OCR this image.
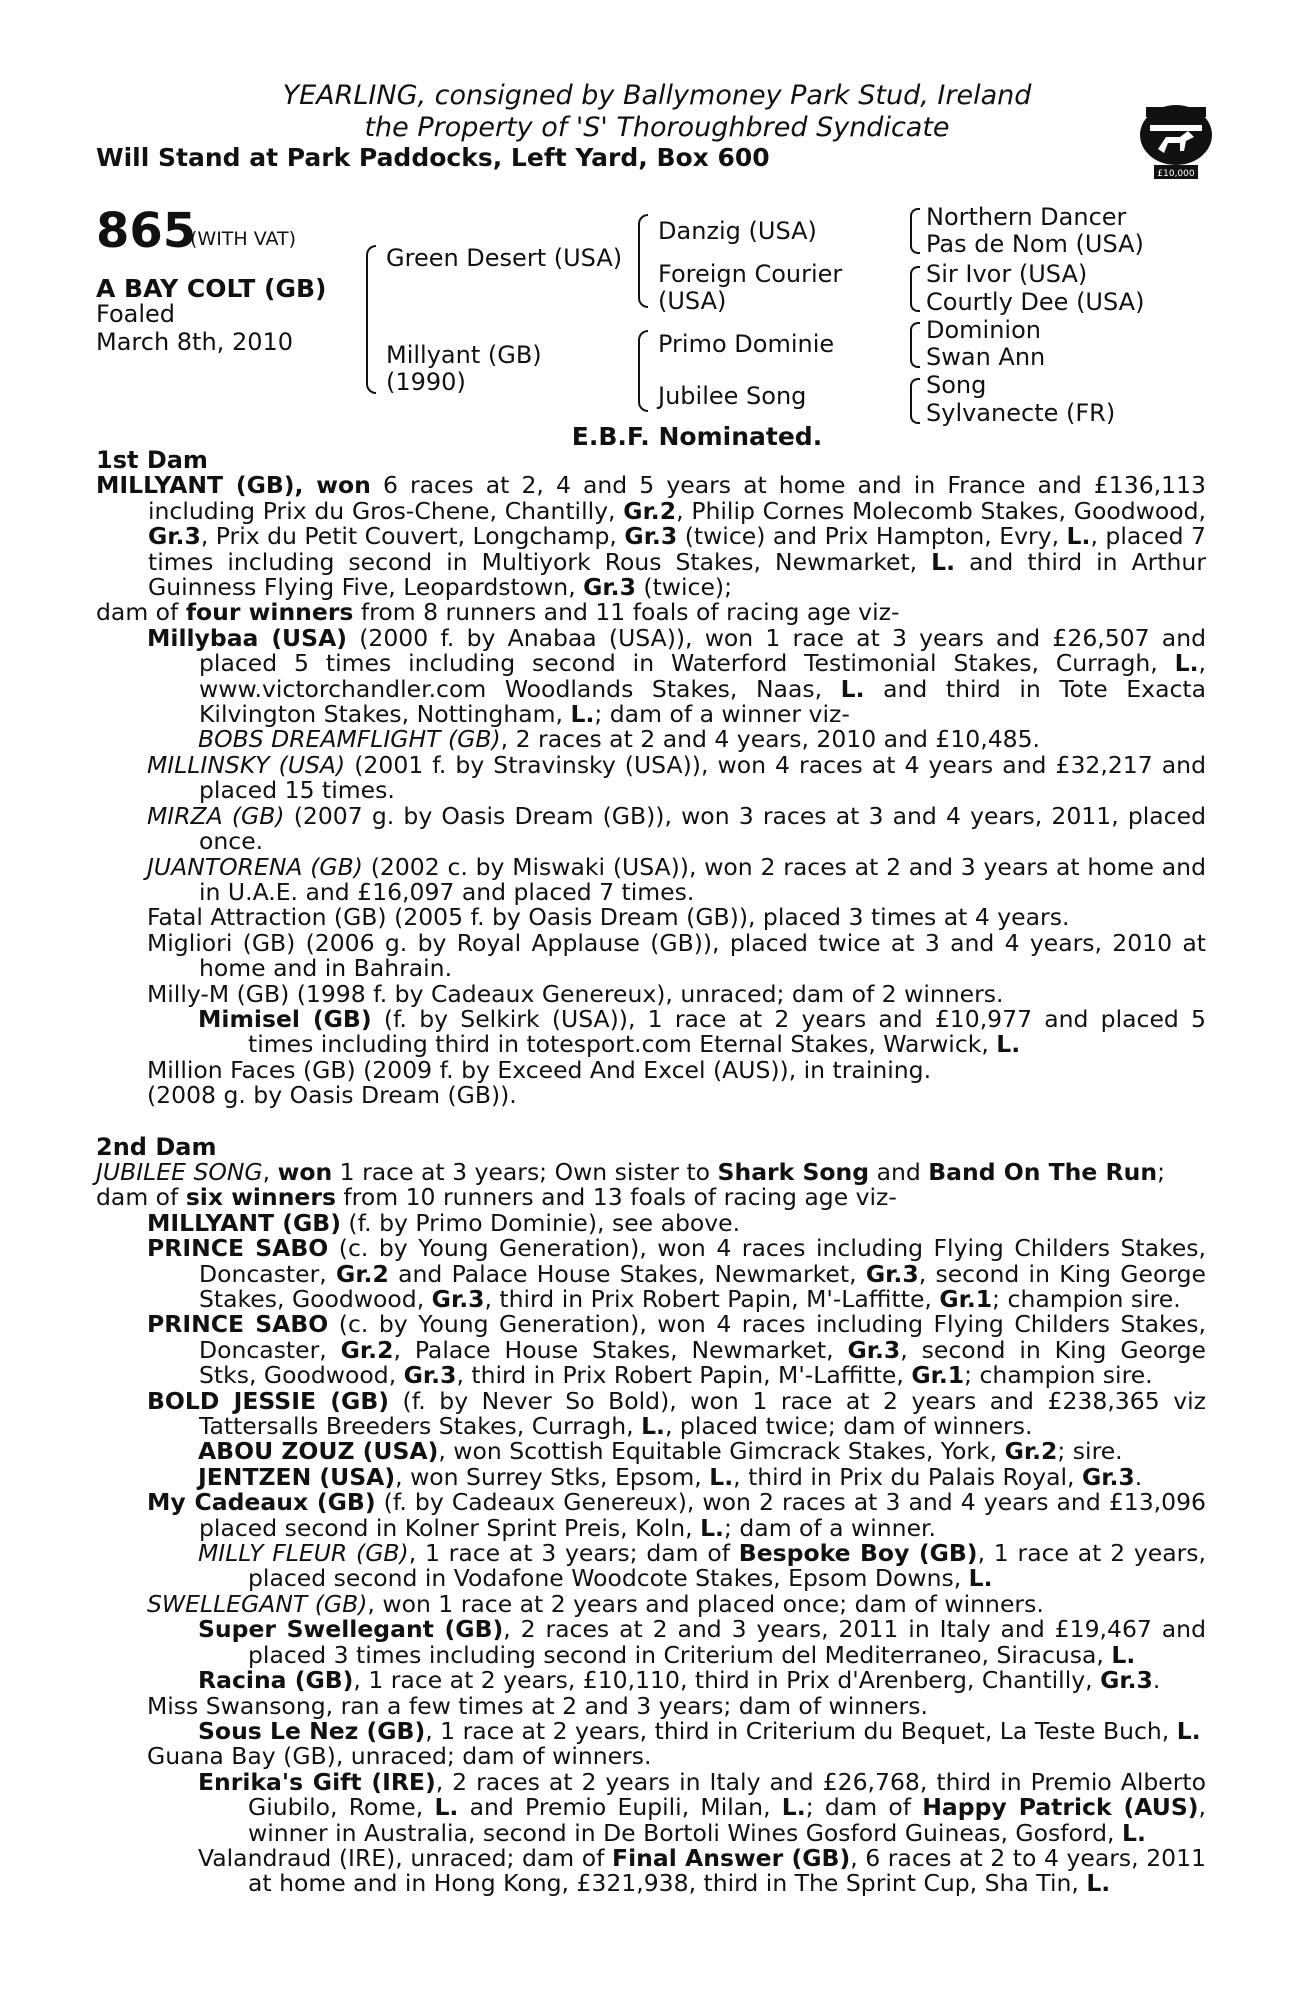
YEARLING, consigned by Ballymoney Park Stud, Ireland
the Property of 'S' Thoroughbred Syndicate
Will Stand at Park Paddocks, Left Yard, Box 600
£10,000
865
(WITH VAT)
A BAY COLT (GB)
Foaled
March 8th, 2010
Green Desert (USA)
Millyant (GB)
(1990)
Danzig (USA)
Foreign Courier
(USA)
Primo Dominie
Jubilee Song
Northern Dancer
Pas de Nom (USA)
Sir Ivor (USA)
Courtly Dee (USA)
Dominion
Swan Ann
Song
Sylvanecte (FR)
E.B.F. Nominated.
1st Dam

MILLYANT (GB), won 6 races at 2, 4 and 5 years at home and in France and £136,113 including Prix du Gros-Chene, Chantilly, Gr.2, Philip Cornes Molecomb Stakes, Goodwood, Gr.3, Prix du Petit Couvert, Longchamp, Gr.3 (twice) and Prix Hampton, Evry, L., placed 7 times including second in Multiyork Rous Stakes, Newmarket, L. and third in Arthur Guinness Flying Five, Leopardstown, Gr.3 (twice);

dam of four winners from 8 runners and 11 foals of racing age viz-

Millybaa (USA) (2000 f. by Anabaa (USA)), won 1 race at 3 years and £26,507 and placed 5 times including second in Waterford Testimonial Stakes, Curragh, L., www.victorchandler.com Woodlands Stakes, Naas, L. and third in Tote Exacta Kilvington Stakes, Nottingham, L.; dam of a winner viz-

BOBS DREAMFLIGHT (GB), 2 races at 2 and 4 years, 2010 and £10,485.

MILLINSKY (USA) (2001 f. by Stravinsky (USA)), won 4 races at 4 years and £32,217 and placed 15 times.

MIRZA (GB) (2007 g. by Oasis Dream (GB)), won 3 races at 3 and 4 years, 2011, placed once.

JUANTORENA (GB) (2002 c. by Miswaki (USA)), won 2 races at 2 and 3 years at home and in U.A.E. and £16,097 and placed 7 times.

Fatal Attraction (GB) (2005 f. by Oasis Dream (GB)), placed 3 times at 4 years.

Migliori (GB) (2006 g. by Royal Applause (GB)), placed twice at 3 and 4 years, 2010 at home and in Bahrain.

Milly-M (GB) (1998 f. by Cadeaux Genereux), unraced; dam of 2 winners.

Mimisel (GB) (f. by Selkirk (USA)), 1 race at 2 years and £10,977 and placed 5 times including third in totesport.com Eternal Stakes, Warwick, L.

Million Faces (GB) (2009 f. by Exceed And Excel (AUS)), in training.

(2008 g. by Oasis Dream (GB)).

2nd Dam

JUBILEE SONG, won 1 race at 3 years; Own sister to Shark Song and Band On The Run;

dam of six winners from 10 runners and 13 foals of racing age viz-

MILLYANT (GB) (f. by Primo Dominie), see above.

PRINCE SABO (c. by Young Generation), won 4 races including Flying Childers Stakes, Doncaster, Gr.2 and Palace House Stakes, Newmarket, Gr.3, second in King George Stakes, Goodwood, Gr.3, third in Prix Robert Papin, M'-Laffitte, Gr.1; champion sire.

PRINCE SABO (c. by Young Generation), won 4 races including Flying Childers Stakes, Doncaster, Gr.2, Palace House Stakes, Newmarket, Gr.3, second in King George Stks, Goodwood, Gr.3, third in Prix Robert Papin, M'-Laffitte, Gr.1; champion sire.

BOLD JESSIE (GB) (f. by Never So Bold), won 1 race at 2 years and £238,365 viz Tattersalls Breeders Stakes, Curragh, L., placed twice; dam of winners.

ABOU ZOUZ (USA), won Scottish Equitable Gimcrack Stakes, York, Gr.2; sire.

JENTZEN (USA), won Surrey Stks, Epsom, L., third in Prix du Palais Royal, Gr.3.

My Cadeaux (GB) (f. by Cadeaux Genereux), won 2 races at 3 and 4 years and £13,096 placed second in Kolner Sprint Preis, Koln, L.; dam of a winner.

MILLY FLEUR (GB), 1 race at 3 years; dam of Bespoke Boy (GB), 1 race at 2 years, placed second in Vodafone Woodcote Stakes, Epsom Downs, L.

SWELLEGANT (GB), won 1 race at 2 years and placed once; dam of winners.

Super Swellegant (GB), 2 races at 2 and 3 years, 2011 in Italy and £19,467 and placed 3 times including second in Criterium del Mediterraneo, Siracusa, L.

Racina (GB), 1 race at 2 years, £10,110, third in Prix d'Arenberg, Chantilly, Gr.3.

Miss Swansong, ran a few times at 2 and 3 years; dam of winners.

Sous Le Nez (GB), 1 race at 2 years, third in Criterium du Bequet, La Teste Buch, L.

Guana Bay (GB), unraced; dam of winners.

Enrika's Gift (IRE), 2 races at 2 years in Italy and £26,768, third in Premio Alberto Giubilo, Rome, L. and Premio Eupili, Milan, L.; dam of Happy Patrick (AUS), winner in Australia, second in De Bortoli Wines Gosford Guineas, Gosford, L.

Valandraud (IRE), unraced; dam of Final Answer (GB), 6 races at 2 to 4 years, 2011 at home and in Hong Kong, £321,938, third in The Sprint Cup, Sha Tin, L.
